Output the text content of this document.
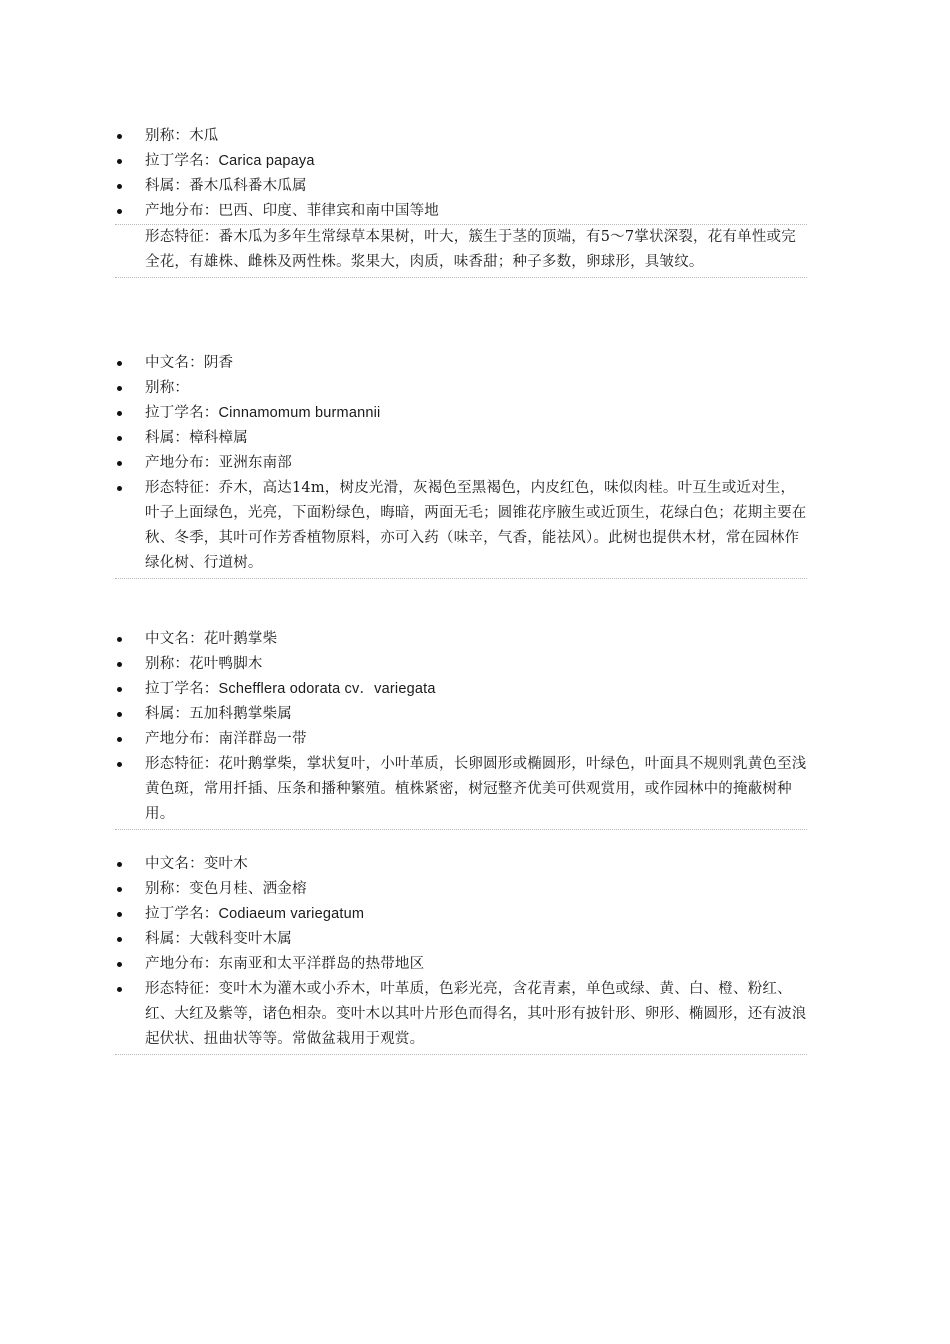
别称：木瓜
拉丁学名：Carica papaya
科属：番木瓜科番木瓜属
产地分布：巴西、印度、菲律宾和南中国等地
形态特征：番木瓜为多年生常绿草本果树，叶大，簇生于茎的顶端，有5～7掌状深裂，花有单性或完全花，有雄株、雌株及两性株。浆果大，肉质，味香甜；种子多数，卵球形，具皱纹。
中文名：阴香
别称：
拉丁学名：Cinnamomum burmannii
科属：樟科樟属
产地分布：亚洲东南部
形态特征：乔木，高达14m，树皮光滑，灰褐色至黑褐色，内皮红色，味似肉桂。叶互生或近对生，叶子上面绿色，光亮，下面粉绿色，晦暗，两面无毛；圆锥花序腋生或近顶生，花绿白色；花期主要在秋、冬季，其叶可作芳香植物原料，亦可入药（味辛，气香，能祛风）。此树也提供木材，常在园林作绿化树、行道树。
中文名：花叶鹅掌柴
别称：花叶鸭脚木
拉丁学名：Schefflera odorata cv．variegata
科属：五加科鹅掌柴属
产地分布：南洋群岛一带
形态特征：花叶鹅掌柴，掌状复叶，小叶革质，长卵圆形或椭圆形，叶绿色，叶面具不规则乳黄色至浅黄色斑，常用扦插、压条和播种繁殖。植株紧密，树冠整齐优美可供观赏用，或作园林中的掩蔽树种用。
中文名：变叶木
别称：变色月桂、洒金榕
拉丁学名：Codiaeum variegatum
科属：大戟科变叶木属
产地分布：东南亚和太平洋群岛的热带地区
形态特征：变叶木为灌木或小乔木，叶革质，色彩光亮，含花青素，单色或绿、黄、白、橙、粉红、红、大红及紫等，诸色相杂。变叶木以其叶片形色而得名，其叶形有披针形、卵形、椭圆形，还有波浪起伏状、扭曲状等等。常做盆栽用于观赏。
